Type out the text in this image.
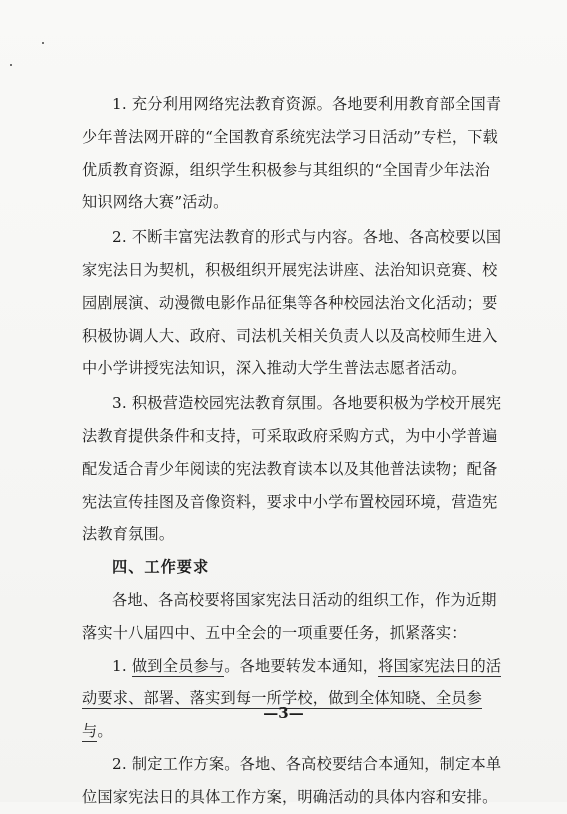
1. 充分利用网络宪法教育资源。各地要利用教育部全国青少年普法网开辟的“全国教育系统宪法学习日活动”专栏，下载优质教育资源，组织学生积极参与其组织的“全国青少年法治知识网络大赛”活动。

2. 不断丰富宪法教育的形式与内容。各地、各高校要以国家宪法日为契机，积极组织开展宪法讲座、法治知识竞赛、校园剧展演、动漫微电影作品征集等各种校园法治文化活动；要积极协调人大、政府、司法机关相关负责人以及高校师生进入中小学讲授宪法知识，深入推动大学生普法志愿者活动。

3. 积极营造校园宪法教育氛围。各地要积极为学校开展宪法教育提供条件和支持，可采取政府采购方式，为中小学普遍配发适合青少年阅读的宪法教育读本以及其他普法读物；配备宪法宣传挂图及音像资料，要求中小学布置校园环境，营造宪法教育氛围。

四、工作要求

各地、各高校要将国家宪法日活动的组织工作，作为近期落实十八届四中、五中全会的一项重要任务，抓紧落实：

1. 做到全员参与。各地要转发本通知，将国家宪法日的活动要求、部署、落实到每一所学校，做到全体知晓、全员参与。

2. 制定工作方案。各地、各高校要结合本通知，制定本单位国家宪法日的具体工作方案，明确活动的具体内容和安排。

—3—
